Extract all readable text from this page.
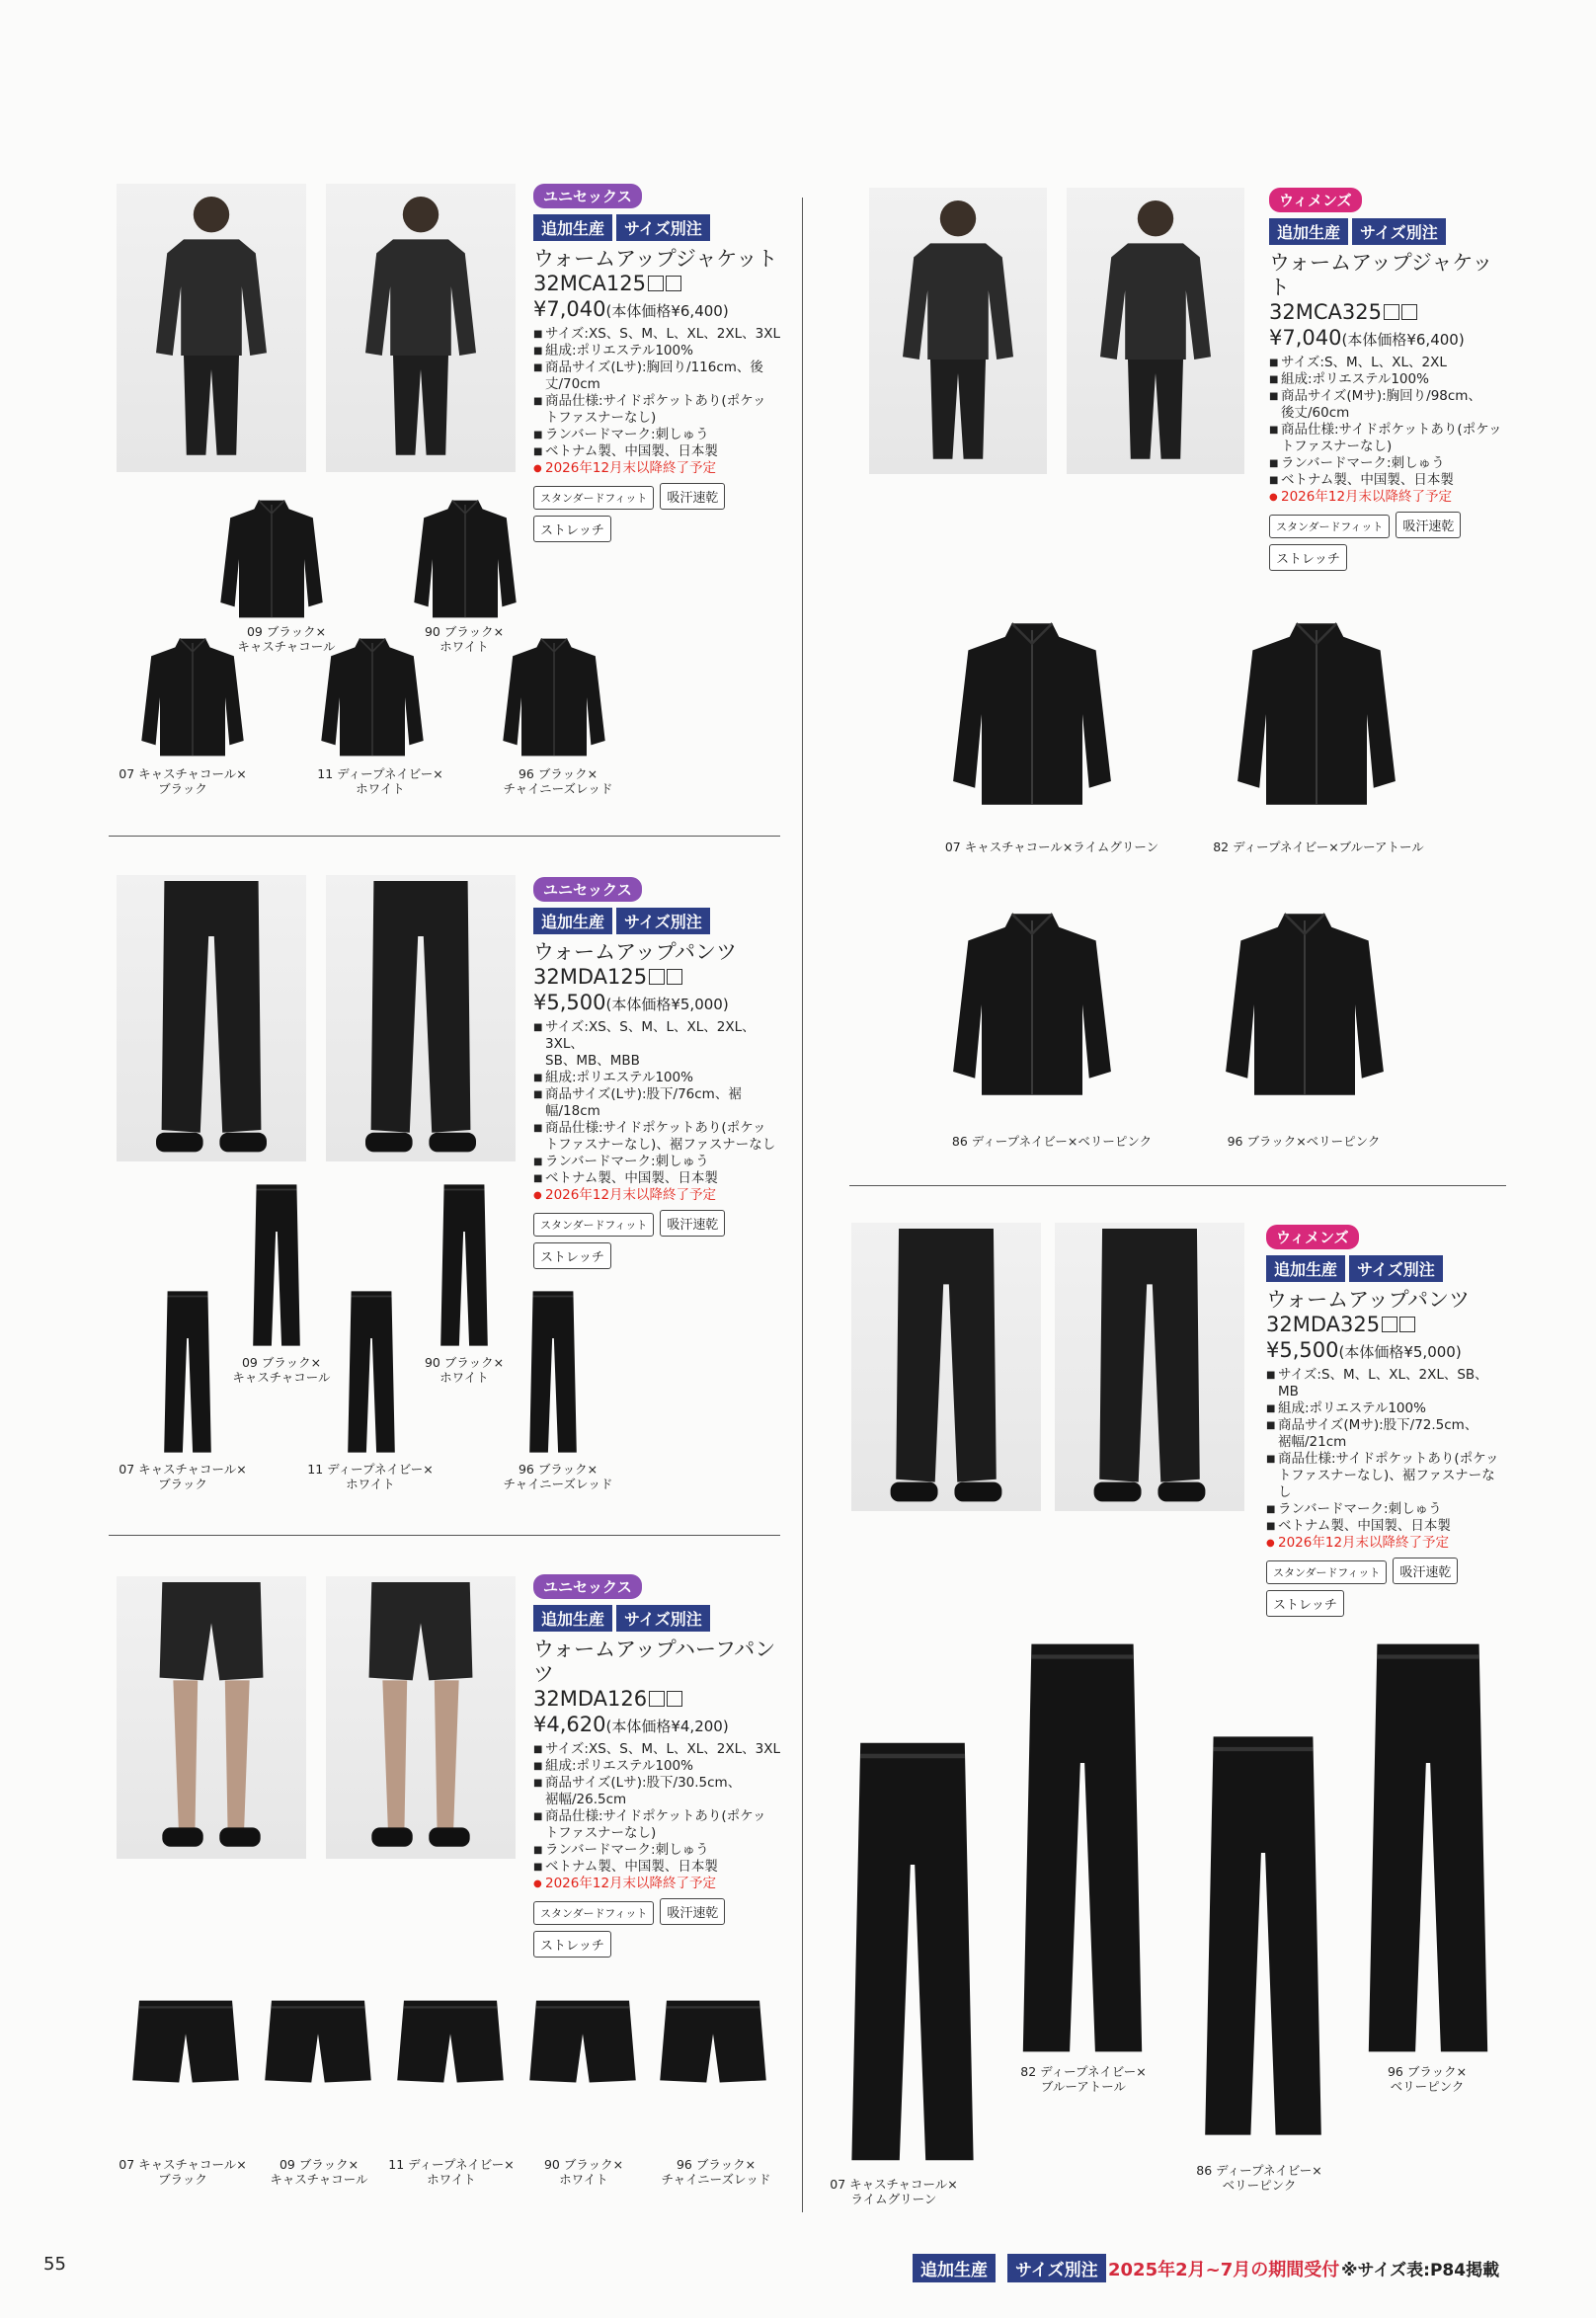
ユニセックス
追加生産 サイズ別注
ウォームアップジャケット
32MCA125
¥7,040(本体価格¥6,400)
■ サイズ:XS、S、M、L、XL、2XL、3XL
■ 組成:ポリエステル100%
■ 商品サイズ(Lサ):胸回り/116cm、後丈/70cm
■ 商品仕様:サイドポケットあり(ポケッ
トファスナーなし)
■ ランバードマーク:刺しゅう
■ ベトナム製、中国製、日本製
● 2026年12月末以降終了予定
スタンダードフィット 吸汗速乾
ストレッチ
09 ブラック×
キャスチャコール
90 ブラック×
ホワイト
07 キャスチャコール×
ブラック
11 ディープネイビー×
ホワイト
96 ブラック×
チャイニーズレッド
ユニセックス
追加生産 サイズ別注
ウォームアップパンツ
32MDA125
¥5,500(本体価格¥5,000)
■ サイズ:XS、S、M、L、XL、2XL、3XL、
SB、MB、MBB
■ 組成:ポリエステル100%
■ 商品サイズ(Lサ):股下/76cm、裾幅/18cm
■ 商品仕様:サイドポケットあり(ポケッ
トファスナーなし)、裾ファスナーなし
■ ランバードマーク:刺しゅう
■ ベトナム製、中国製、日本製
● 2026年12月末以降終了予定
スタンダードフィット 吸汗速乾
ストレッチ
09 ブラック×
キャスチャコール
90 ブラック×
ホワイト
07 キャスチャコール×
ブラック
11 ディープネイビー×
ホワイト
96 ブラック×
チャイニーズレッド
ユニセックス
追加生産 サイズ別注
ウォームアップハーフパンツ
32MDA126
¥4,620(本体価格¥4,200)
■ サイズ:XS、S、M、L、XL、2XL、3XL
■ 組成:ポリエステル100%
■ 商品サイズ(Lサ):股下/30.5cm、
裾幅/26.5cm
■ 商品仕様:サイドポケットあり(ポケッ
トファスナーなし)
■ ランバードマーク:刺しゅう
■ ベトナム製、中国製、日本製
● 2026年12月末以降終了予定
スタンダードフィット 吸汗速乾
ストレッチ
07 キャスチャコール×
ブラック
09 ブラック×
キャスチャコール
11 ディープネイビー×
ホワイト
90 ブラック×
ホワイト
96 ブラック×
チャイニーズレッド
ウィメンズ
追加生産 サイズ別注
ウォームアップジャケット
32MCA325
¥7,040(本体価格¥6,400)
■ サイズ:S、M、L、XL、2XL
■ 組成:ポリエステル100%
■ 商品サイズ(Mサ):胸回り/98cm、
後丈/60cm
■ 商品仕様:サイドポケットあり(ポケッ
トファスナーなし)
■ ランバードマーク:刺しゅう
■ ベトナム製、中国製、日本製
● 2026年12月末以降終了予定
スタンダードフィット 吸汗速乾
ストレッチ
07 キャスチャコール×ライムグリーン	82 ディープネイビー×ブルーアトール
86 ディープネイビー×ベリーピンク	96 ブラック×ベリーピンク
ウィメンズ
追加生産 サイズ別注
ウォームアップパンツ
32MDA325
¥5,500(本体価格¥5,000)
■ サイズ:S、M、L、XL、2XL、SB、MB
■ 組成:ポリエステル100%
■ 商品サイズ(Mサ):股下/72.5cm、
裾幅/21cm
■ 商品仕様:サイドポケットあり(ポケッ
トファスナーなし)、裾ファスナーなし
■ ランバードマーク:刺しゅう
■ ベトナム製、中国製、日本製
● 2026年12月末以降終了予定
スタンダードフィット 吸汗速乾
ストレッチ
07 キャスチャコール×
ライムグリーン
82 ディープネイビー×
ブルーアトール
86 ディープネイビー×
ベリーピンク
96 ブラック×
ベリーピンク
55	追加生産	サイズ別注 2025年2月~7月の期間受付 ※サイズ表:P84掲載
